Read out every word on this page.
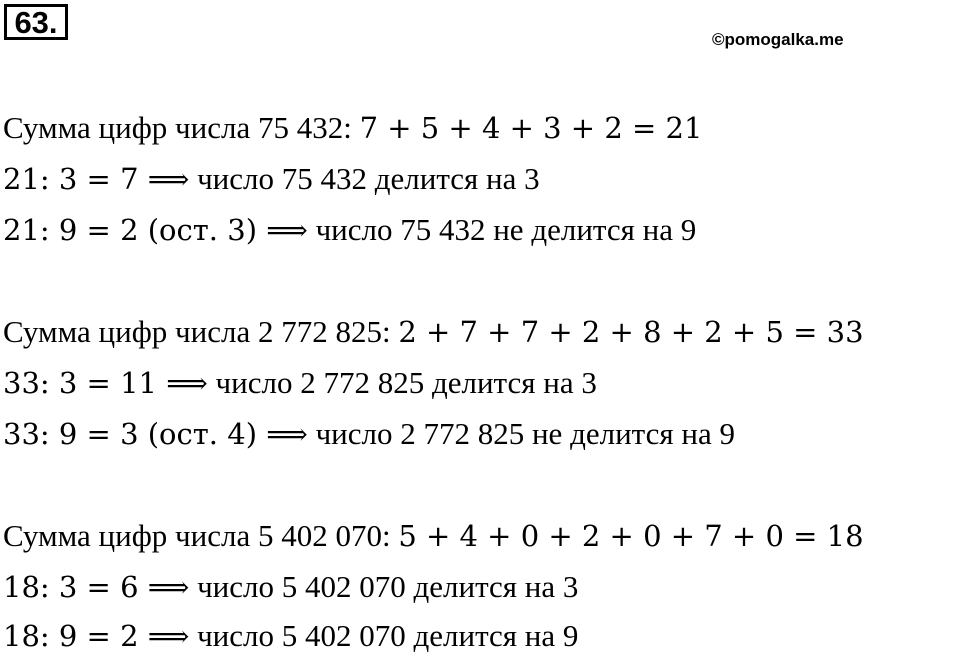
63.	©pomogalka.me
Сумма цифр числа 75 432: 7 + 5 + 4 + 3 + 2 = 21
21: 3 = 7 ⟹ число 75 432 делится на 3
21: 9 = 2 (ост. 3) ⟹ число 75 432 не делится на 9
Сумма цифр числа 2 772 825: 2 + 7 + 7 + 2 + 8 + 2 + 5 = 33
33: 3 = 11 ⟹ число 2 772 825 делится на 3
33: 9 = 3 (ост. 4) ⟹ число 2 772 825 не делится на 9
Сумма цифр числа 5 402 070: 5 + 4 + 0 + 2 + 0 + 7 + 0 = 18
18: 3 = 6 ⟹ число 5 402 070 делится на 3
18: 9 = 2 ⟹ число 5 402 070 делится на 9
